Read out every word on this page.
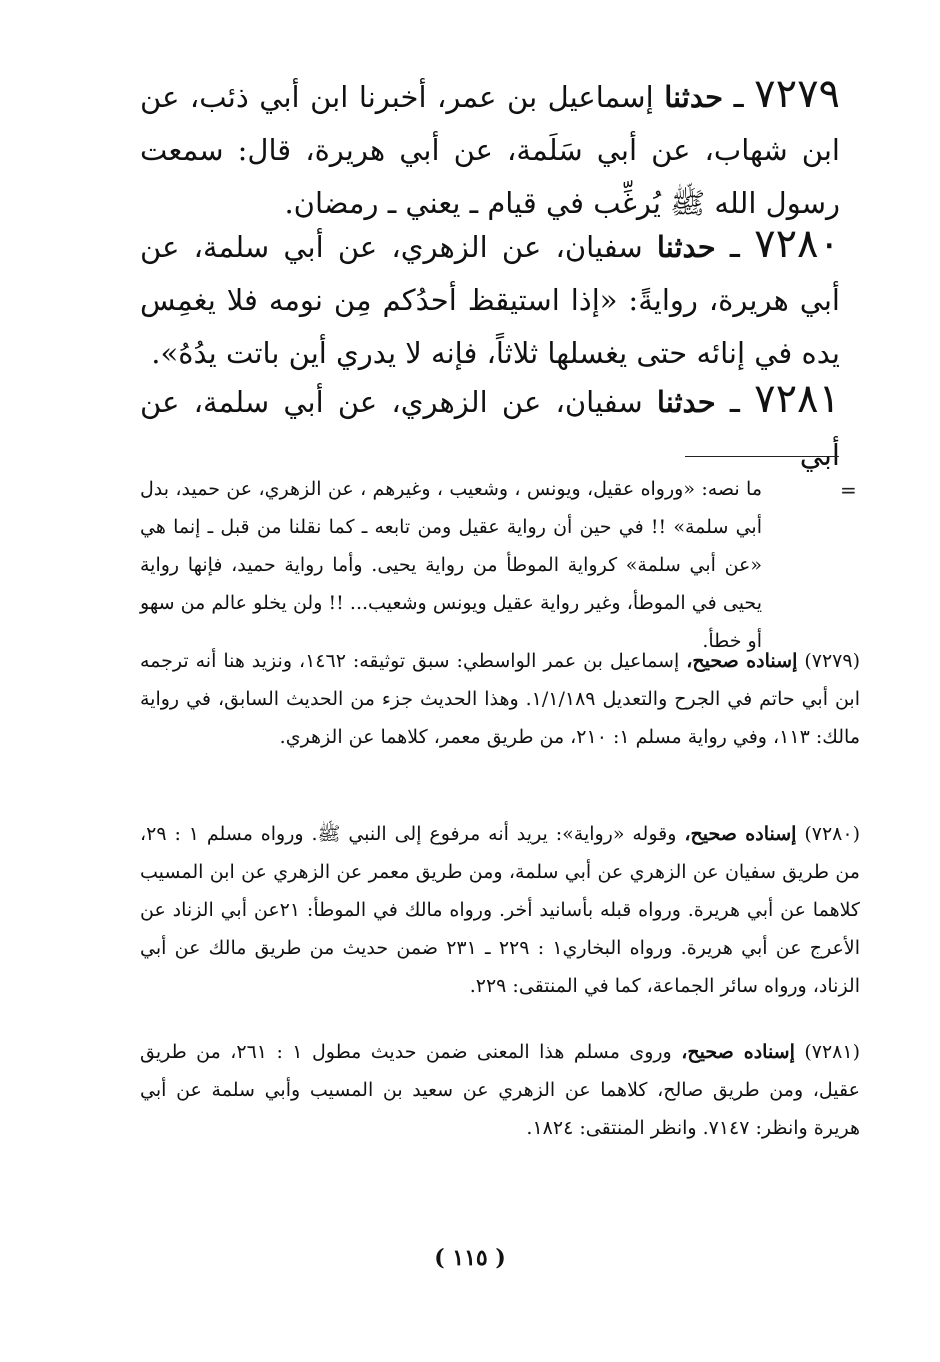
٧٢٧٩ ـ حدثنا إسماعيل بن عمر، أخبرنا ابن أبي ذئب، عن ابن شهاب، عن أبي سَلَمة، عن أبي هريرة، قال: سمعت رسول الله ﷺ يُرغِّب في قيام ـ يعني ـ رمضان.
٧٢٨٠ ـ حدثنا سفيان، عن الزهري، عن أبي سلمة، عن أبي هريرة، روايةً: «إذا استيقظ أحدُكم مِن نومه فلا يغمِس يده في إنائه حتى يغسلها ثلاثاً، فإنه لا يدري أين باتت يدُهُ».
٧٢٨١ ـ حدثنا سفيان، عن الزهري، عن أبي سلمة، عن أبي
=
ما نصه: «ورواه عقيل، ويونس ، وشعيب ، وغيرهم ، عن الزهري، عن حميد، بدل أبي سلمة» !! في حين أن رواية عقيل ومن تابعه ـ كما نقلنا من قبل ـ إنما هي «عن أبي سلمة» كرواية الموطأ من رواية يحيى. وأما رواية حميد، فإنها رواية يحيى في الموطأ، وغير رواية عقيل ويونس وشعيب... !! ولن يخلو عالم من سهو أو خطأ.
(٧٢٧٩) إسناده صحيح، إسماعيل بن عمر الواسطي: سبق توثيقه: ١٤٦٢، ونزيد هنا أنه ترجمه ابن أبي حاتم في الجرح والتعديل ١/١/١٨٩. وهذا الحديث جزء من الحديث السابق، في رواية مالك: ١١٣، وفي رواية مسلم ١: ٢١٠، من طريق معمر، كلاهما عن الزهري.
(٧٢٨٠) إسناده صحيح، وقوله «رواية»: يريد أنه مرفوع إلى النبي ﷺ. ورواه مسلم ١ : ٢٩، من طريق سفيان عن الزهري عن أبي سلمة، ومن طريق معمر عن الزهري عن ابن المسيب كلاهما عن أبي هريرة. ورواه قبله بأسانيد أخر. ورواه مالك في الموطأ: ٢١عن أبي الزناد عن الأعرج عن أبي هريرة. ورواه البخاري١ : ٢٢٩ ـ ٢٣١ ضمن حديث من طريق مالك عن أبي الزناد، ورواه سائر الجماعة، كما في المنتقى: ٢٢٩.
(٧٢٨١) إسناده صحيح، وروى مسلم هذا المعنى ضمن حديث مطول ١ : ٢٦١، من طريق عقيل، ومن طريق صالح، كلاهما عن الزهري عن سعيد بن المسيب وأبي سلمة عن أبي هريرة وانظر: ٧١٤٧. وانظر المنتقى: ١٨٢٤.
( ١١٥ )
